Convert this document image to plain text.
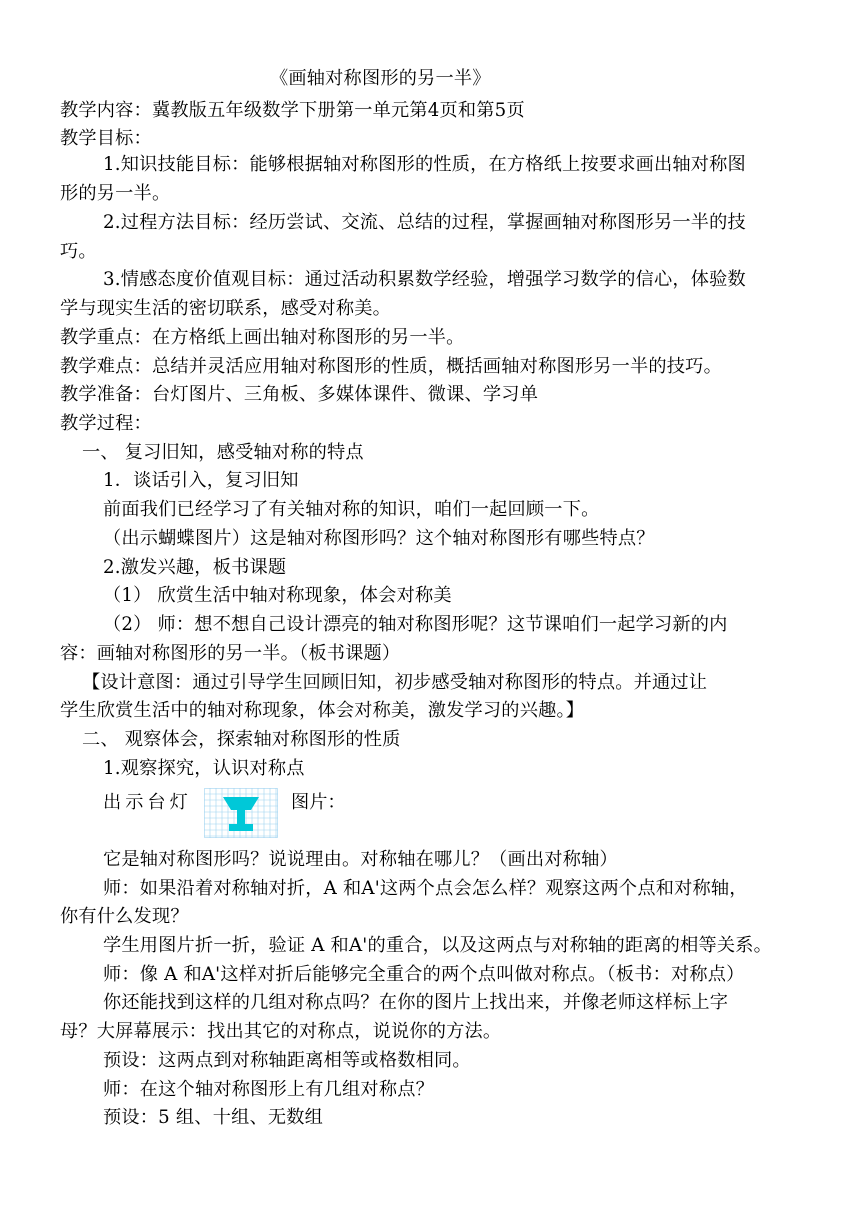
《画轴对称图形的另一半》
教学内容：冀教版五年级数学下册第一单元第4页和第5页
教学目标：
1.知识技能目标：能够根据轴对称图形的性质，在方格纸上按要求画出轴对称图
形的另一半。
2.过程方法目标：经历尝试、交流、总结的过程，掌握画轴对称图形另一半的技
巧。
3.情感态度价值观目标：通过活动积累数学经验，增强学习数学的信心，体验数
学与现实生活的密切联系，感受对称美。
教学重点：在方格纸上画出轴对称图形的另一半。
教学难点：总结并灵活应用轴对称图形的性质，概括画轴对称图形另一半的技巧。
教学准备：台灯图片、三角板、多媒体课件、微课、学习单
教学过程：
一、 复习旧知，感受轴对称的特点
1．谈话引入，复习旧知
前面我们已经学习了有关轴对称的知识，咱们一起回顾一下。
（出示蝴蝶图片）这是轴对称图形吗？这个轴对称图形有哪些特点？
2.激发兴趣，板书课题
（1） 欣赏生活中轴对称现象，体会对称美
（2） 师：想不想自己设计漂亮的轴对称图形呢？这节课咱们一起学习新的内
容：画轴对称图形的另一半。（板书课题）
【设计意图：通过引导学生回顾旧知，初步感受轴对称图形的特点。并通过让
学生欣赏生活中的轴对称现象，体会对称美，激发学习的兴趣。】
二、 观察体会，探索轴对称图形的性质
1.观察探究，认识对称点
出示台灯	图片：
它是轴对称图形吗？说说理由。对称轴在哪儿？（画出对称轴）
师：如果沿着对称轴对折，A 和A'这两个点会怎么样？观察这两个点和对称轴，
你有什么发现？
学生用图片折一折，验证 A 和A'的重合，以及这两点与对称轴的距离的相等关系。
师：像 A 和A'这样对折后能够完全重合的两个点叫做对称点。（板书：对称点）
你还能找到这样的几组对称点吗？在你的图片上找出来，并像老师这样标上字
母？大屏幕展示：找出其它的对称点，说说你的方法。
预设：这两点到对称轴距离相等或格数相同。
师：在这个轴对称图形上有几组对称点？
预设：5 组、十组、无数组
